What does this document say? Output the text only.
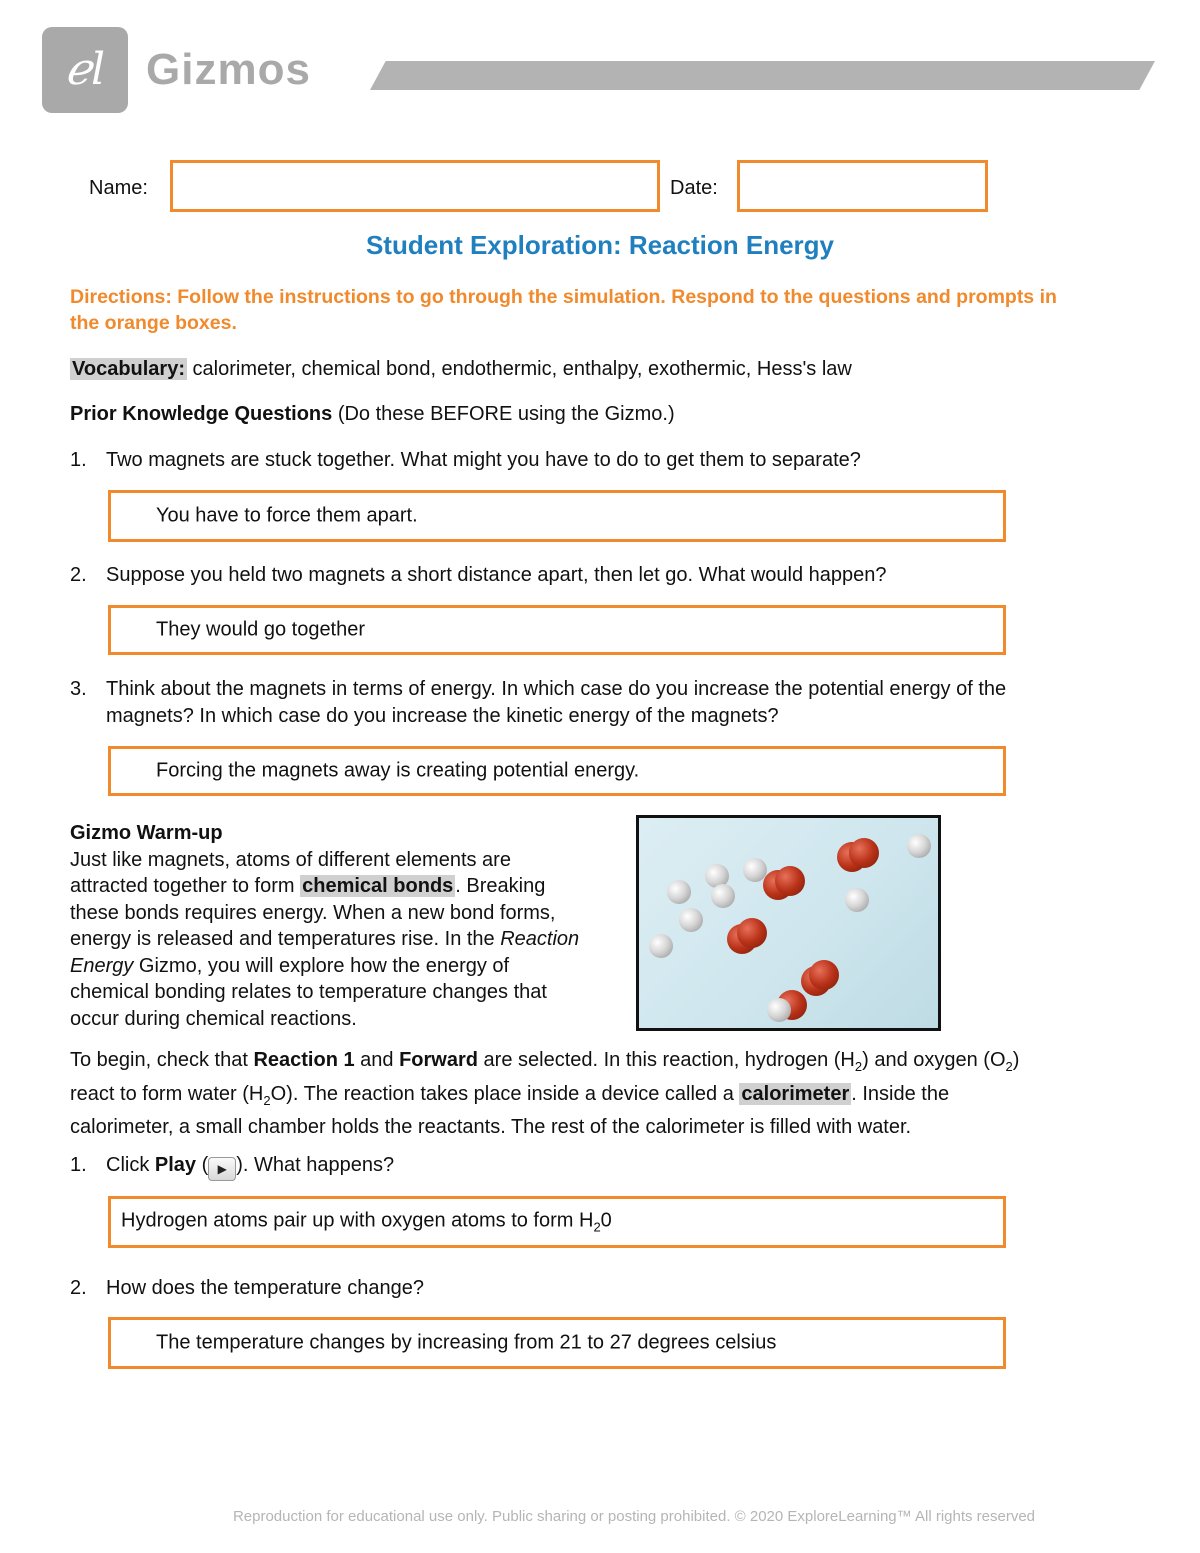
ℯl Gizmos
Name:	Date:
Student Exploration: Reaction Energy
Directions: Follow the instructions to go through the simulation. Respond to the questions and prompts in the orange boxes.
Vocabulary: calorimeter, chemical bond, endothermic, enthalpy, exothermic, Hess's law
Prior Knowledge Questions (Do these BEFORE using the Gizmo.)
1. Two magnets are stuck together. What might you have to do to get them to separate?
You have to force them apart.
2. Suppose you held two magnets a short distance apart, then let go. What would happen?
They would go together
3. Think about the magnets in terms of energy. In which case do you increase the potential energy of the
magnets? In which case do you increase the kinetic energy of the magnets?
Forcing the magnets away is creating potential energy.
Gizmo Warm-up
Just like magnets, atoms of different elements are
attracted together to form chemical bonds . Breaking
these bonds requires energy. When a new bond forms,
energy is released and temperatures rise. In the Reaction
Energy Gizmo, you will explore how the energy of
chemical bonding relates to temperature changes that
occur during chemical reactions.
To begin, check that Reaction 1 and Forward are selected. In this reaction, hydrogen $(H_2)$ and oxygen $(O_2)$
react to form water $(H_2O)$. The reaction takes place inside a device called a calorimeter . Inside the
calorimeter, a small chamber holds the reactants. The rest of the calorimeter is filled with water.
1. Click Play ( ▶ ). What happens?
Hydrogen atoms pair up with oxygen atoms to form $H_20$
2. How does the temperature change?
The temperature changes by increasing from 21 to 27 degrees celsius
Reproduction for educational use only. Public sharing or posting prohibited. © 2020 ExploreLearning™ All rights reserved
